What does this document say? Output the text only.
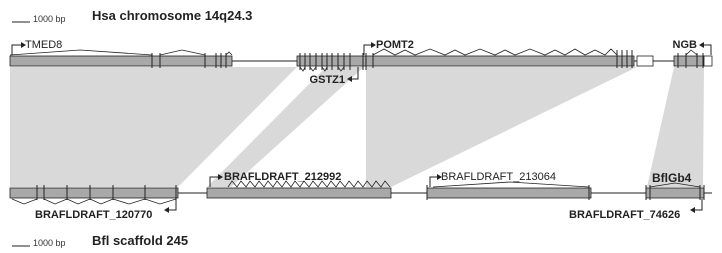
1000 bp Hsa chromosome 14q24.3
TMED8	POMT2	NGB
GSTZ1
BRAFLDRAFT_212992	BRAFLDRAFT_213064	BflGb4
BRAFLDRAFT_120770	BRAFLDRAFT_74626
1000 bp Bfl scaffold 245
